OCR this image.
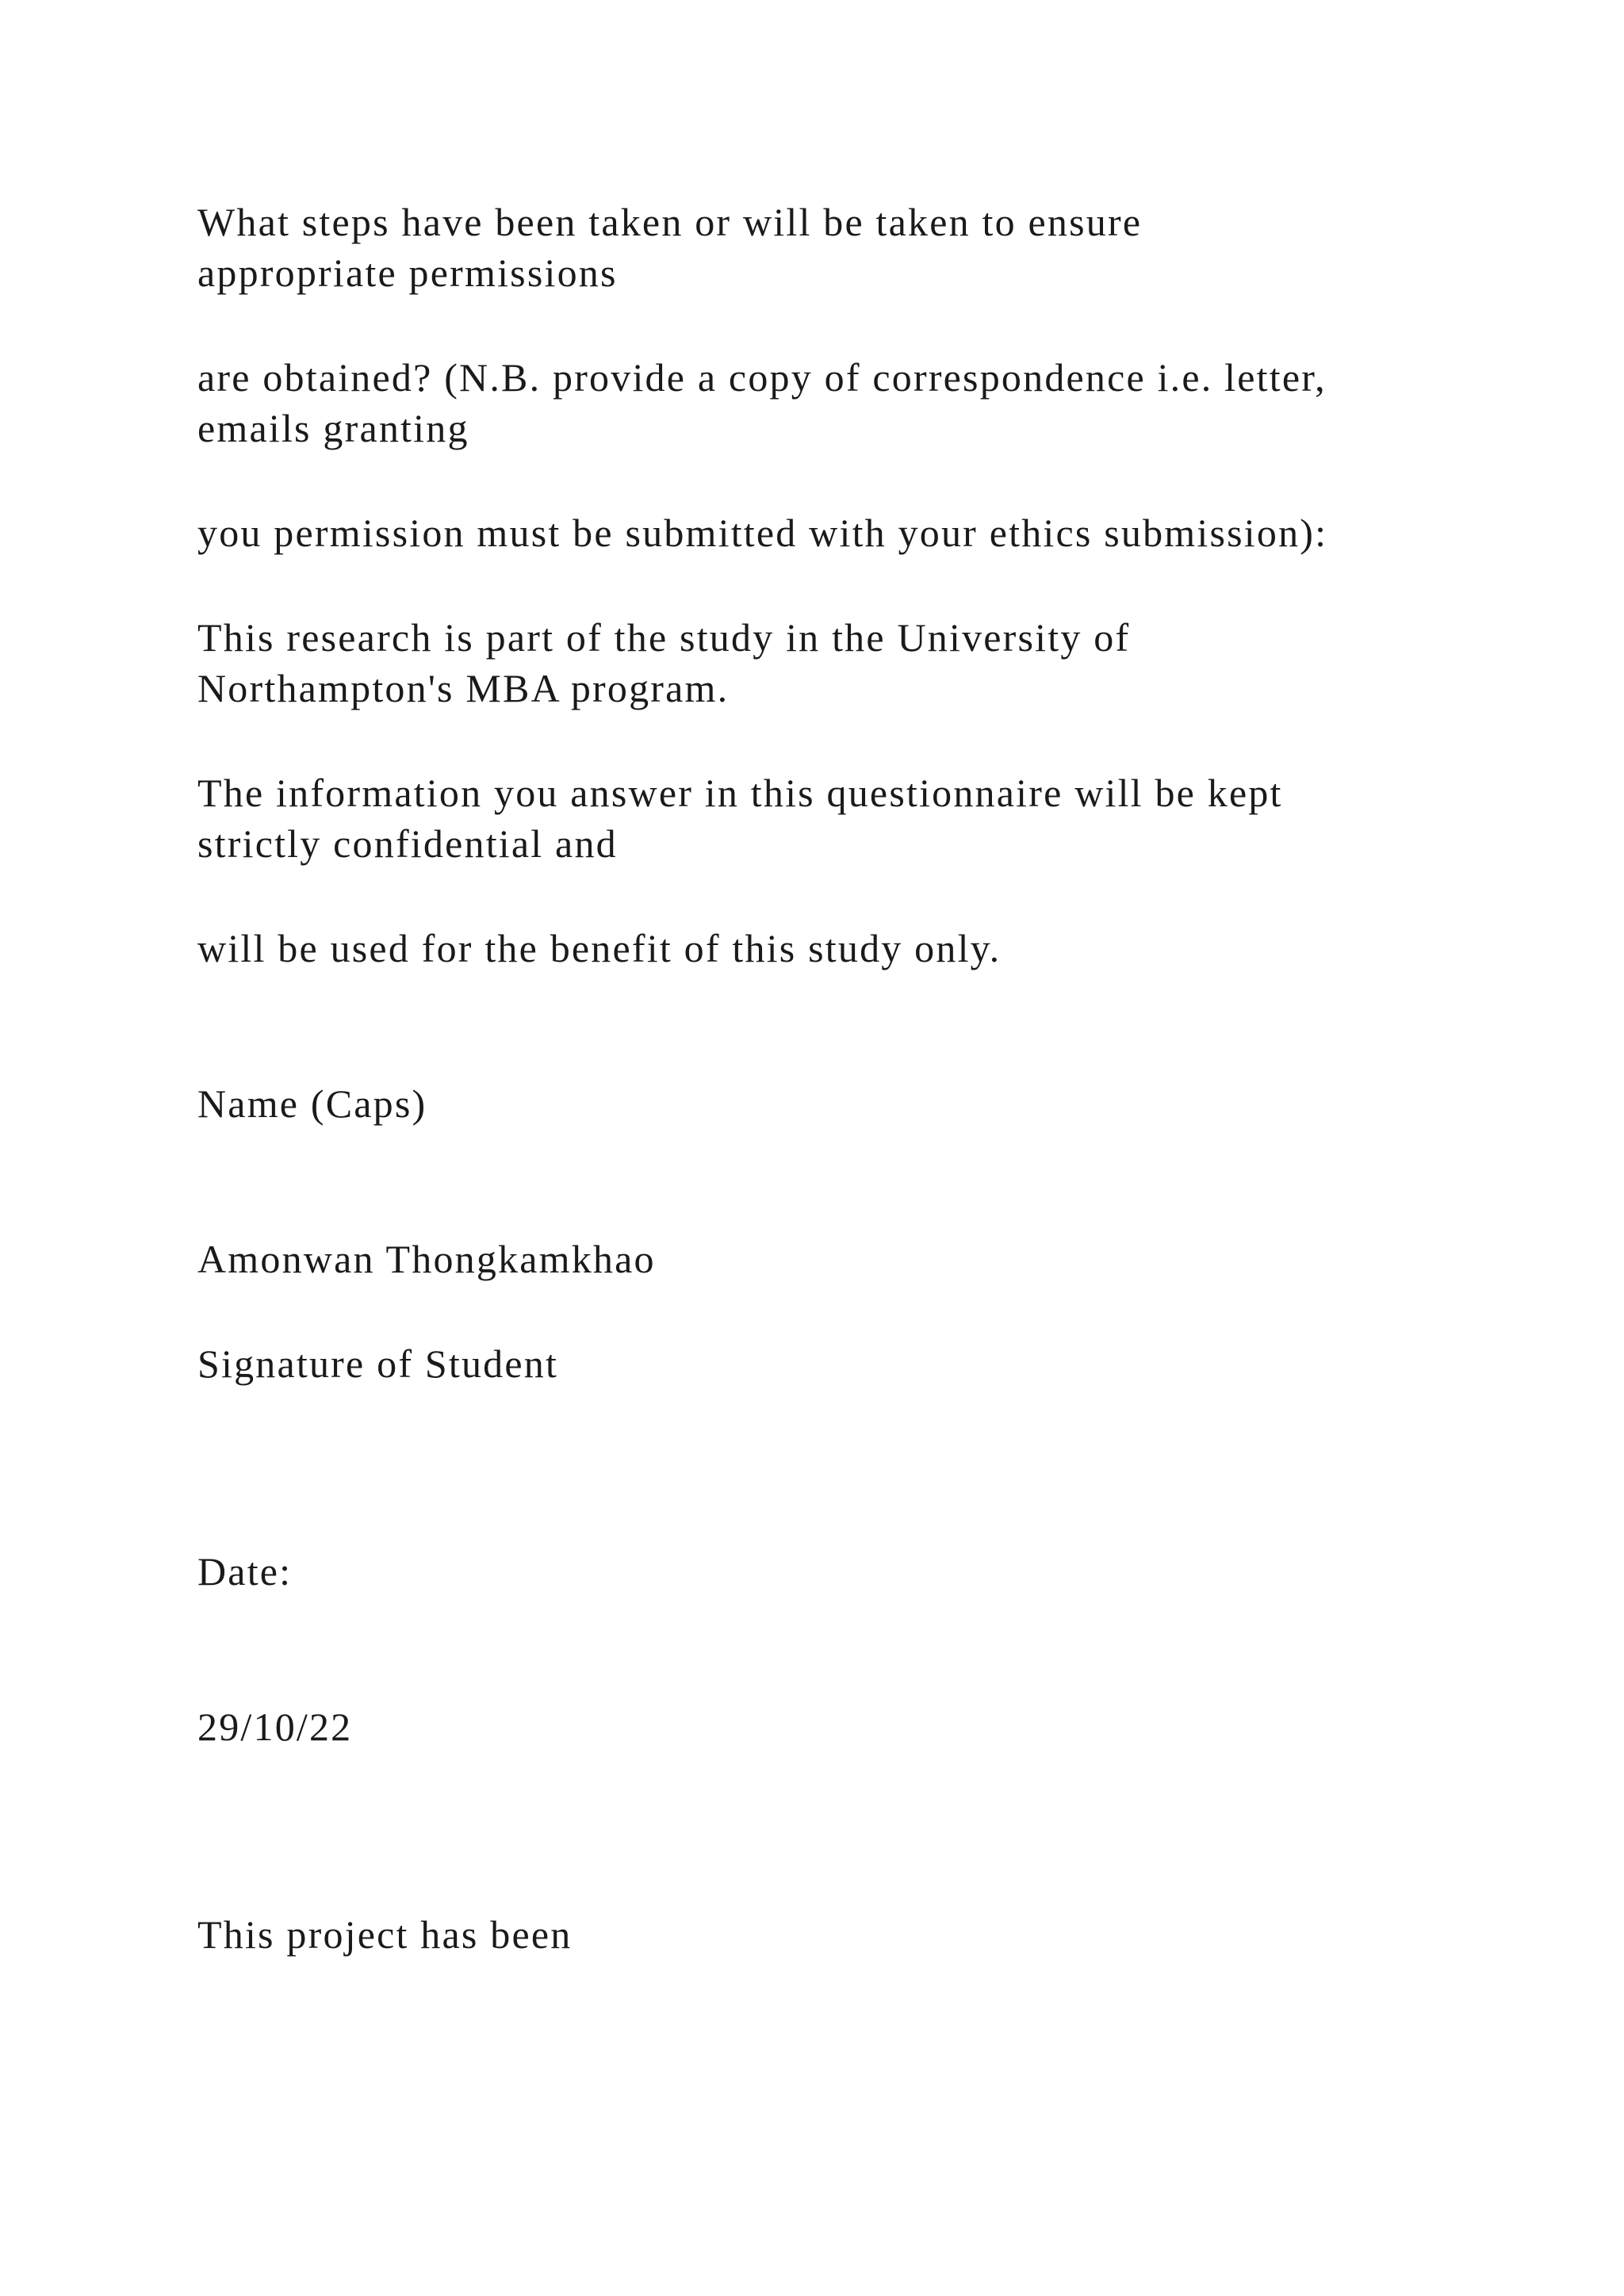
What steps have been taken or will be taken to ensure

appropriate permissions

are obtained? (N.B. provide a copy of correspondence i.e. letter,

emails granting

you permission must be submitted with your ethics submission):

This research is part of the study in the University of

Northampton's MBA program.

The information you answer in this questionnaire will be kept

strictly confidential and

will be used for the benefit of this study only.

Name (Caps)

Amonwan Thongkamkhao

Signature of Student

Date:

29/10/22

This project has been
